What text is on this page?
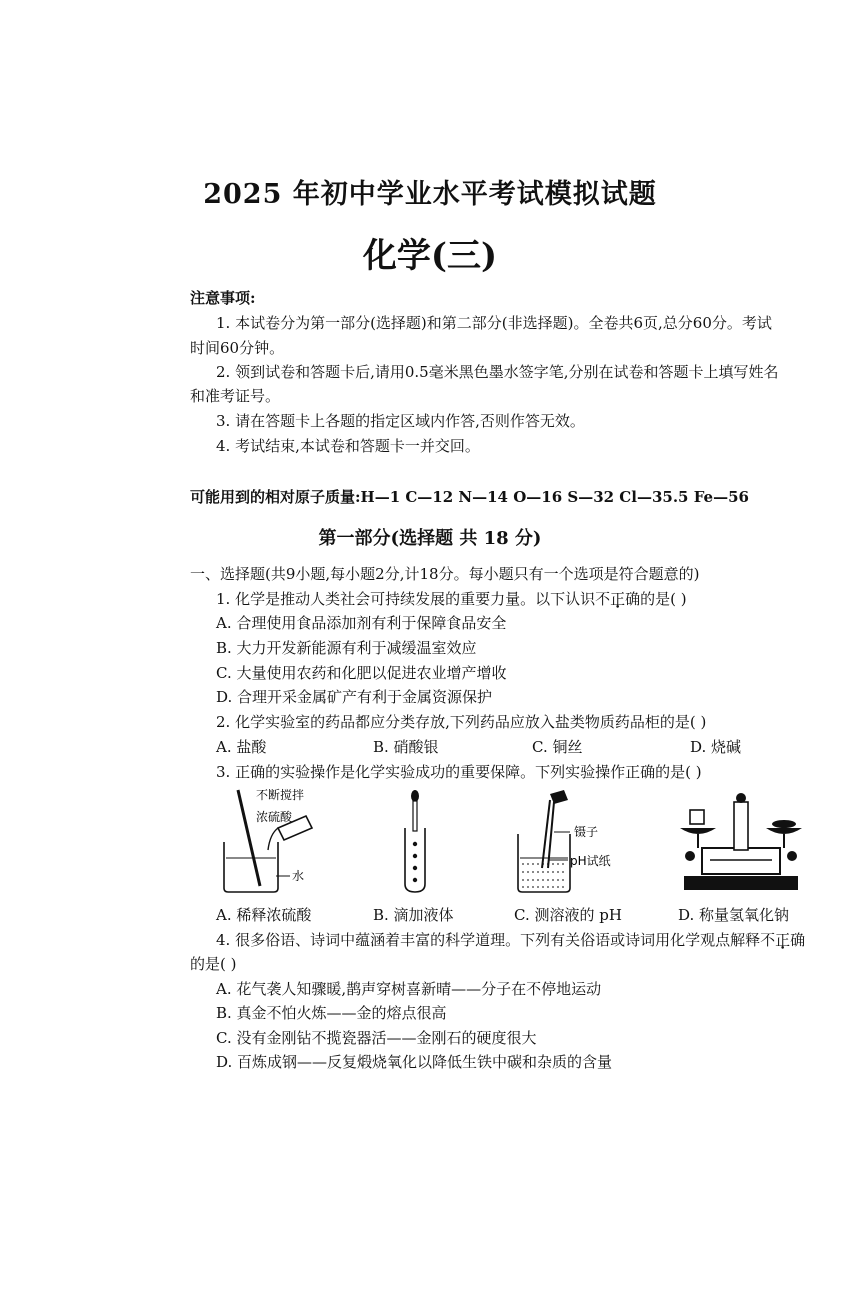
2025 年初中学业水平考试模拟试题
化学(三)
注意事项:
1. 本试卷分为第一部分(选择题)和第二部分(非选择题)。全卷共6页,总分60分。考试
时间60分钟。
2. 领到试卷和答题卡后,请用0.5毫米黑色墨水签字笔,分别在试卷和答题卡上填写姓名
和准考证号。
3. 请在答题卡上各题的指定区域内作答,否则作答无效。
4. 考试结束,本试卷和答题卡一并交回。
可能用到的相对原子质量:H—1 C—12 N—14 O—16 S—32 Cl—35.5 Fe—56
第一部分(选择题 共 18 分)
一、选择题(共9小题,每小题2分,计18分。每小题只有一个选项是符合题意的)
1. 化学是推动人类社会可持续发展的重要力量。以下认识不正确的是( )
A. 合理使用食品添加剂有利于保障食品安全
B. 大力开发新能源有利于减缓温室效应
C. 大量使用农药和化肥以促进农业增产增收
D. 合理开采金属矿产有利于金属资源保护
2. 化学实验室的药品都应分类存放,下列药品应放入盐类物质药品柜的是( )
A. 盐酸	B. 硝酸银	C. 铜丝	D. 烧碱
3. 正确的实验操作是化学实验成功的重要保障。下列实验操作正确的是( )
不断搅拌
浓硫酸
水
镊子
pH试纸
A. 稀释浓硫酸	B. 滴加液体	C. 测溶液的 pH	D. 称量氢氧化钠
4. 很多俗语、诗词中蕴涵着丰富的科学道理。下列有关俗语或诗词用化学观点解释不正确
的是( )
A. 花气袭人知骤暖,鹊声穿树喜新晴——分子在不停地运动
B. 真金不怕火炼——金的熔点很高
C. 没有金刚钻不揽瓷器活——金刚石的硬度很大
D. 百炼成钢——反复煅烧氧化以降低生铁中碳和杂质的含量
